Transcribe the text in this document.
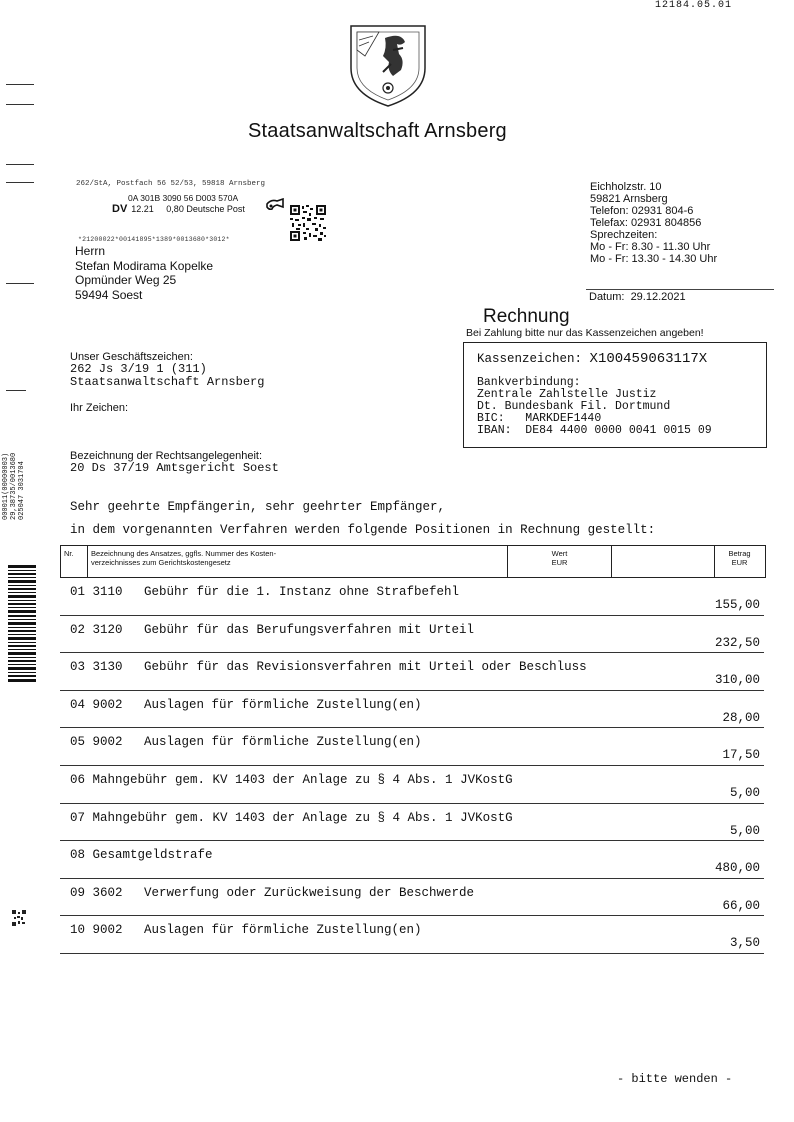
12184.05.01
Staatsanwaltschaft Arnsberg
000011(00000003) 29,38735/0013680 025047 3031704
262/StA, Postfach 56 52/53, 59818 Arnsberg
0A 301B 3090 56 D003 570A
DV 12.21     0,80 Deutsche Post
*21200022*00141895*1389*0013680*3012*
Herrn
Stefan Modirama Kopelke
Opmünder Weg 25
59494 Soest
Eichholzstr. 10
59821 Arnsberg
Telefon: 02931 804-6
Telefax: 02931 804856
Sprechzeiten:
Mo - Fr: 8.30 - 11.30 Uhr
Mo - Fr: 13.30 - 14.30 Uhr
Datum:  29.12.2021
Rechnung
Bei Zahlung bitte nur das Kassenzeichen angeben!
Kassenzeichen: X100459063117X
Bankverbindung:
Zentrale Zahlstelle Justiz
Dt. Bundesbank Fil. Dortmund
BIC:   MARKDEF1440
IBAN:  DE84 4400 0000 0041 0015 09
Unser Geschäftszeichen:
262 Js 3/19 1 (311)
Staatsanwaltschaft Arnsberg
Ihr Zeichen:
Bezeichnung der Rechtsangelegenheit:
20 Ds 37/19 Amtsgericht Soest
Sehr geehrte Empfängerin, sehr geehrter Empfänger,
in dem vorgenannten Verfahren werden folgende Positionen in Rechnung gestellt:
Nr.	Bezeichnung des Ansatzes, ggfls. Nummer des Kosten-
verzeichnisses zum Gerichtskostengesetz
Wert
EUR
Betrag
EUR
01 3110 Gebühr für die 1. Instanz ohne Strafbefehl
155,00
02 3120 Gebühr für das Berufungsverfahren mit Urteil
232,50
03 3130 Gebühr für das Revisionsverfahren mit Urteil oder Beschluss
310,00
04 9002 Auslagen für förmliche Zustellung(en)
28,00
05 9002 Auslagen für förmliche Zustellung(en)
17,50
06 Mahngebühr gem. KV 1403 der Anlage zu § 4 Abs. 1 JVKostG
5,00
07 Mahngebühr gem. KV 1403 der Anlage zu § 4 Abs. 1 JVKostG
5,00
08 Gesamtgeldstrafe
480,00
09 3602 Verwerfung oder Zurückweisung der Beschwerde
66,00
10 9002 Auslagen für förmliche Zustellung(en)
3,50
- bitte wenden -
